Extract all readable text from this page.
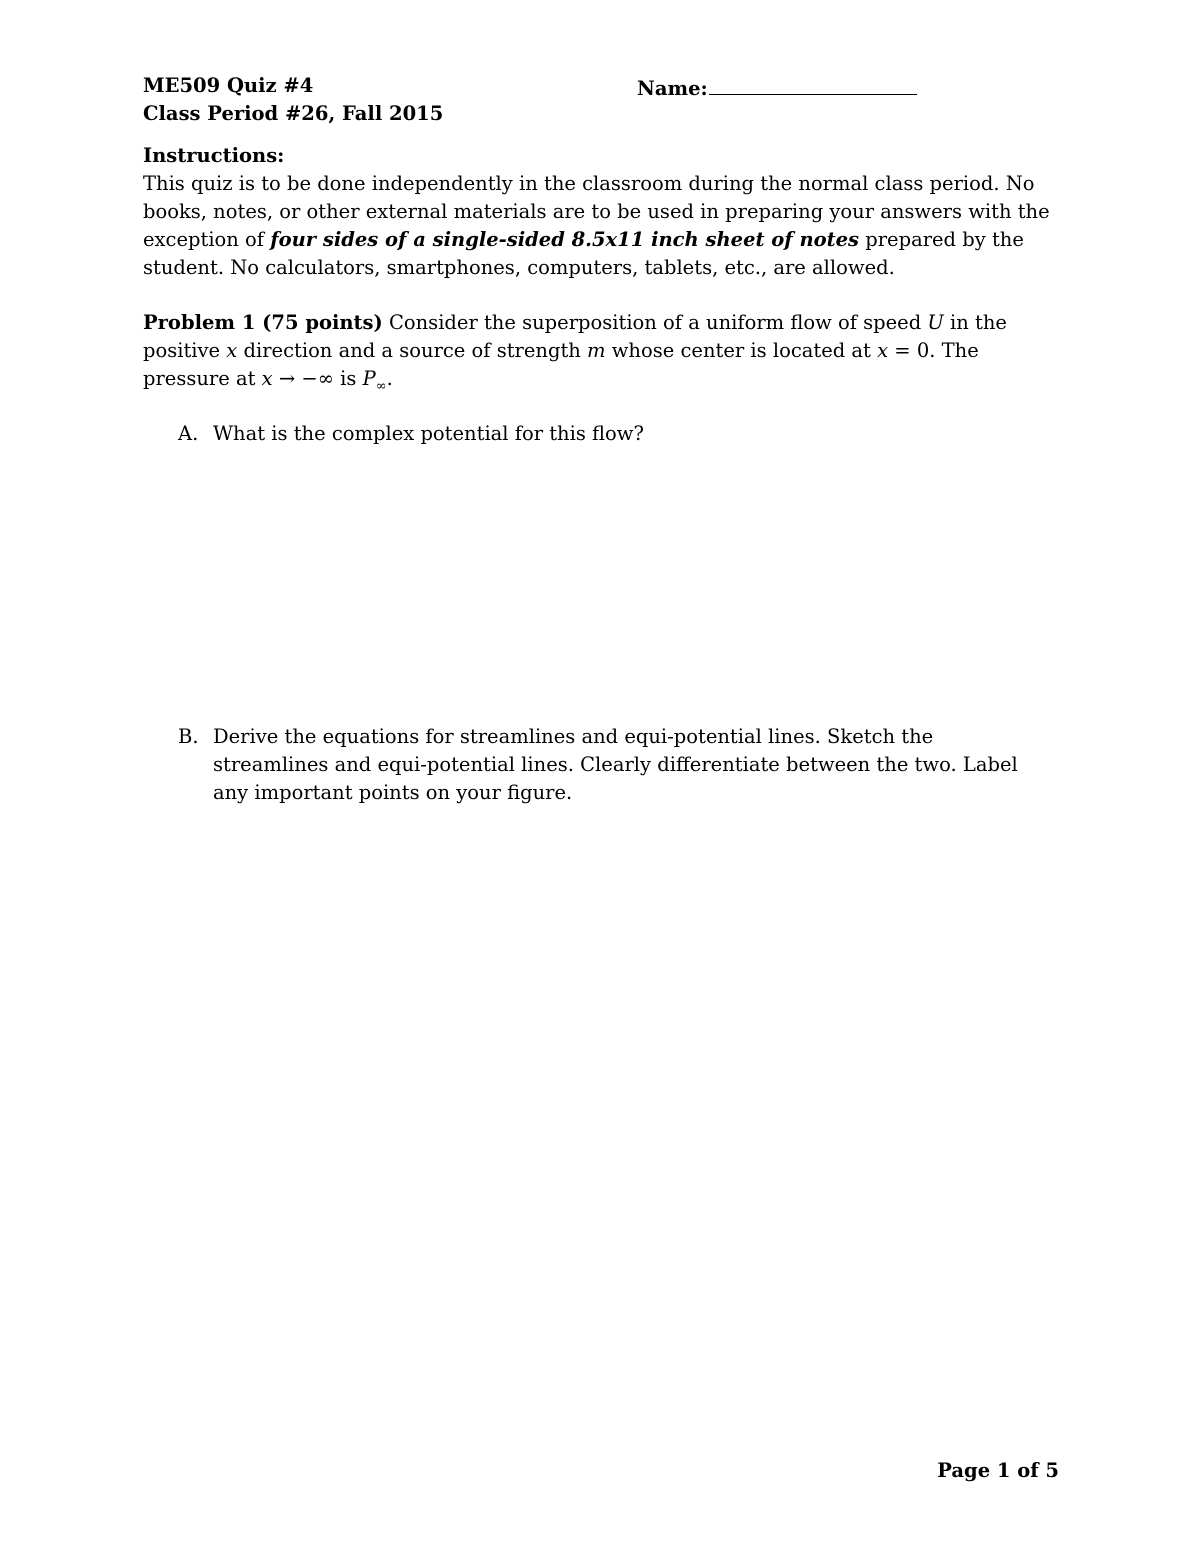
ME509 Quiz #4
Class Period #26, Fall 2015
Name:

Instructions:

This quiz is to be done independently in the classroom during the normal class period. No

books, notes, or other external materials are to be used in preparing your answers with the

exception of four sides of a single-sided 8.5x11 inch sheet of notes prepared by the

student. No calculators, smartphones, computers, tablets, etc., are allowed.

Problem 1 (75 points) Consider the superposition of a uniform flow of speed U in the

positive x direction and a source of strength m whose center is located at x = 0. The

pressure at x → −∞ is $P_\infty$.

A. What is the complex potential for this flow?

B. Derive the equations for streamlines and equi-potential lines. Sketch the

streamlines and equi-potential lines. Clearly differentiate between the two. Label

any important points on your figure.

Page 1 of 5
